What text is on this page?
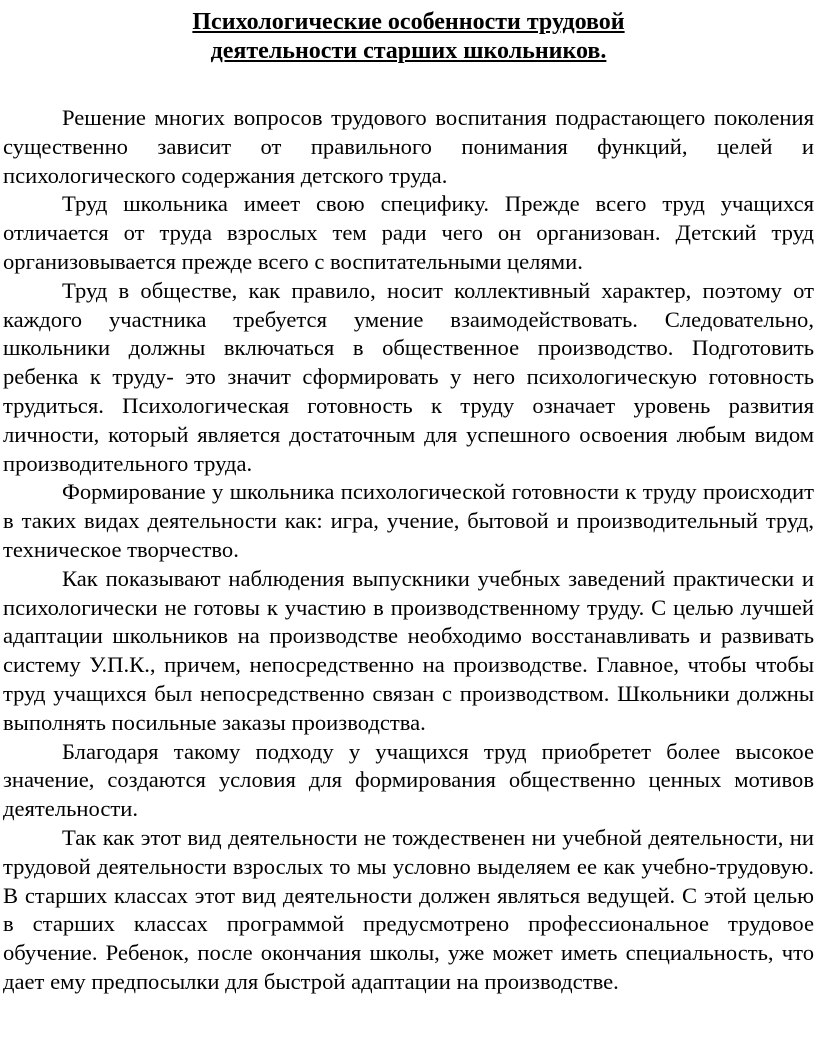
Психологические особенности трудовой
деятельности старших школьников.

Решение многих вопросов трудового воспитания подрастающего поколения существенно зависит от правильного понимания функций, целей и психологического содержания детского труда.

Труд школьника имеет свою специфику. Прежде всего труд учащихся отличается от труда взрослых тем ради чего он организован. Детский труд организовывается прежде всего с воспитательными целями.

Труд в обществе, как правило, носит коллективный характер, поэтому от каждого участника требуется умение взаимодействовать. Следовательно, школьники должны включаться в общественное производство. Подготовить ребенка к труду- это значит сформировать у него психологическую готовность трудиться. Психологическая готовность к труду означает уровень развития личности, который является достаточным для успешного освоения любым видом производительного труда.

Формирование у школьника психологической готовности к труду происходит в таких видах деятельности как: игра, учение, бытовой и производительный труд, техническое творчество.

Как показывают наблюдения выпускники учебных заведений практически и психологически не готовы к участию в производственному труду. С целью лучшей адаптации школьников на производстве необходимо восстанавливать и развивать систему У.П.К., причем, непосредственно на производстве. Главное, чтобы чтобы труд учащихся был непосредственно связан с производством. Школьники должны выполнять посильные заказы производства.

Благодаря такому подходу у учащихся труд приобретет более высокое значение, создаются условия для формирования общественно ценных мотивов деятельности.

Так как этот вид деятельности не тождественен ни учебной деятельности, ни трудовой деятельности взрослых то мы условно выделяем ее как учебно-трудовую. В старших классах этот вид деятельности должен являться ведущей. С этой целью в старших классах программой предусмотрено профессиональное трудовое обучение. Ребенок, после окончания школы, уже может иметь специальность, что дает ему предпосылки для быстрой адаптации на производстве.
